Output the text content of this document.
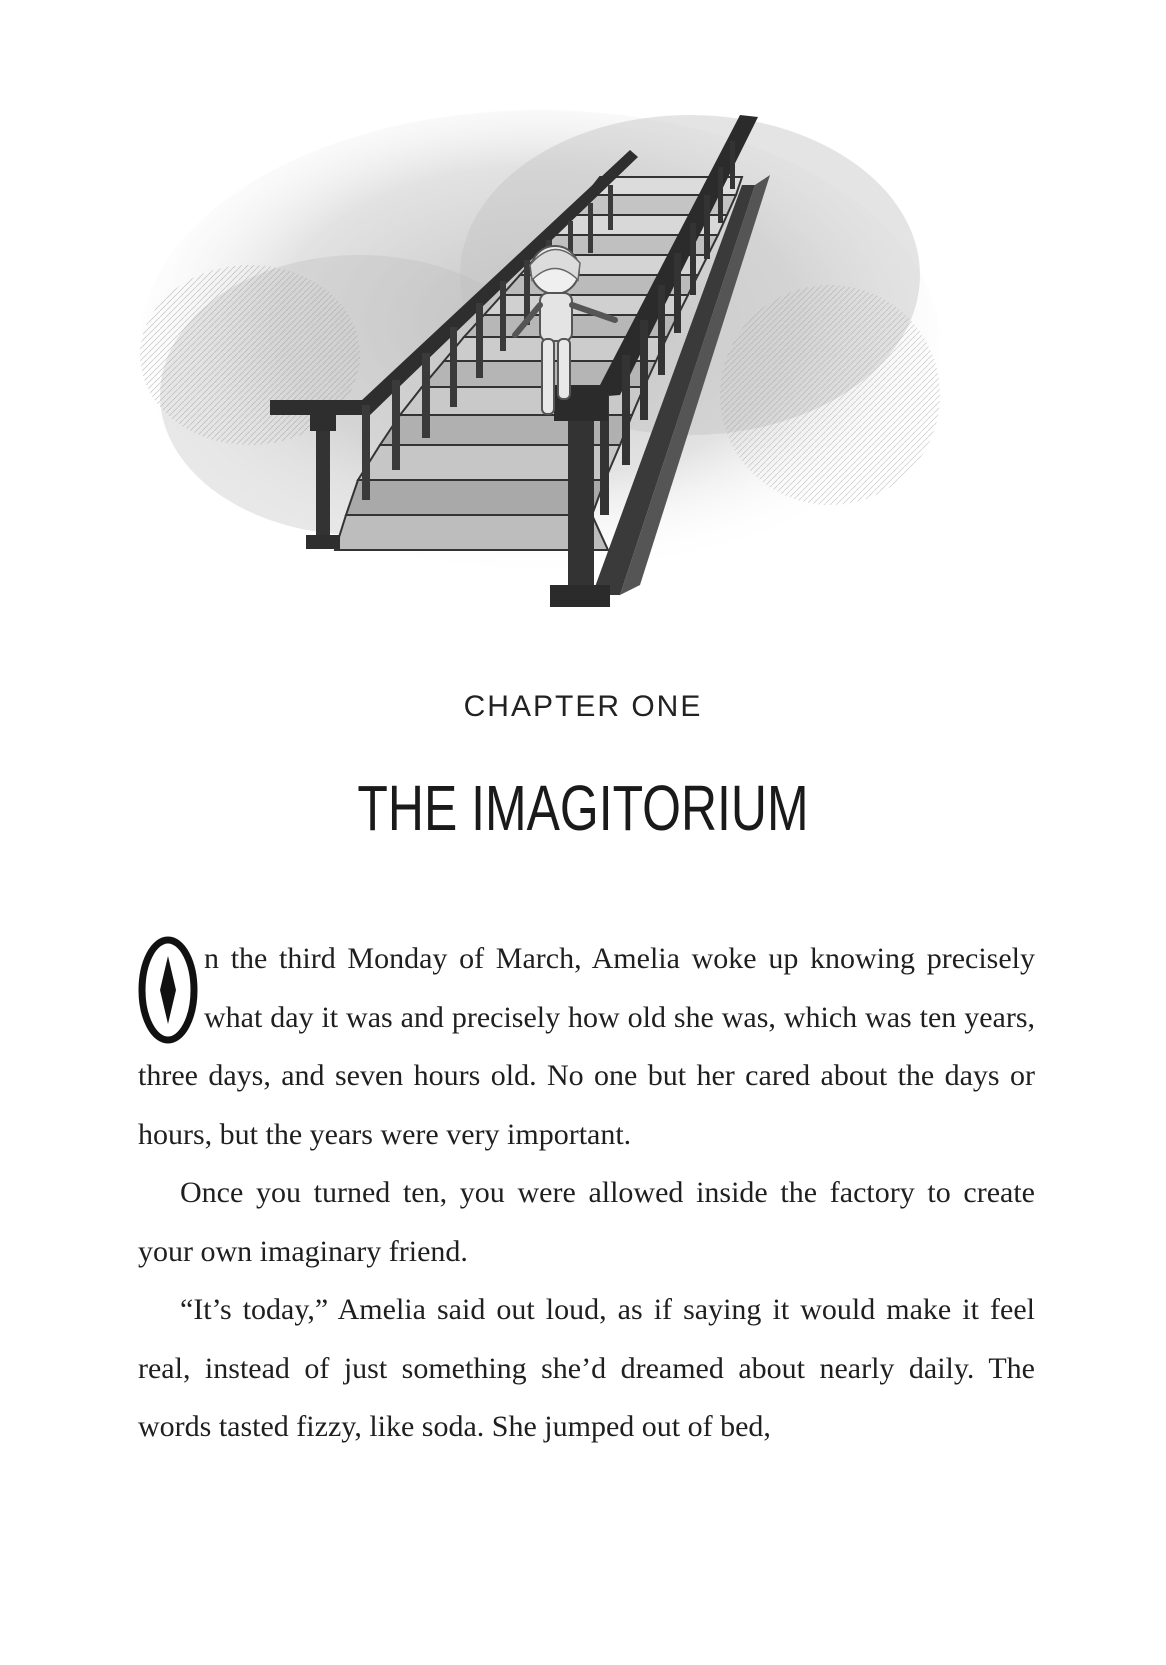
CHAPTER ONE
THE IMAGITORIUM

O
n the third Monday of March, Amelia woke up knowing precisely what day it was and precisely how old she was, which was ten years, three days, and seven hours old. No one but her cared about the days or hours, but the years were very important.

Once you turned ten, you were allowed inside the factory to create your own imaginary friend.

“It’s today,” Amelia said out loud, as if saying it would make it feel real, instead of just something she’d dreamed about nearly daily. The words tasted fizzy, like soda. She jumped out of bed,
